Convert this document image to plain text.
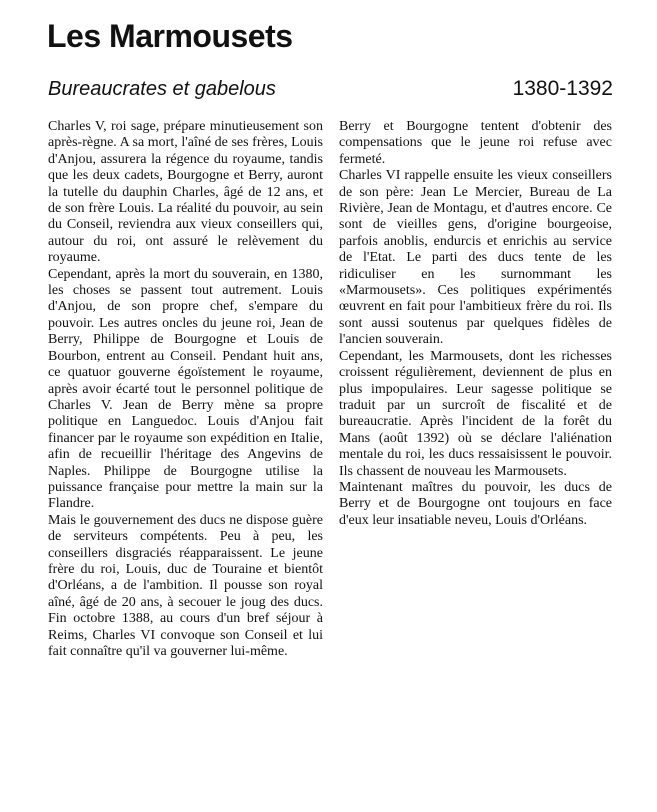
Les Marmousets
Bureaucrates et gabelous	1380-1392

Charles V, roi sage, prépare minutieusement son après-règne. A sa mort, l'aîné de ses frères, Louis d'Anjou, assurera la régence du royaume, tandis que les deux cadets, Bourgogne et Berry, auront la tutelle du dauphin Charles, âgé de 12 ans, et de son frère Louis. La réalité du pouvoir, au sein du Conseil, reviendra aux vieux conseillers qui, autour du roi, ont assuré le relèvement du royaume.

Cependant, après la mort du souverain, en 1380, les choses se passent tout autrement. Louis d'Anjou, de son propre chef, s'empare du pouvoir. Les autres oncles du jeune roi, Jean de Berry, Philippe de Bourgogne et Louis de Bourbon, entrent au Conseil. Pendant huit ans, ce quatuor gouverne égoïstement le royaume, après avoir écarté tout le personnel politique de Charles V. Jean de Berry mène sa propre politique en Languedoc. Louis d'Anjou fait financer par le royaume son expédition en Italie, afin de recueillir l'héritage des Angevins de Naples. Philippe de Bourgogne utilise la puissance française pour mettre la main sur la Flandre.

Mais le gouvernement des ducs ne dispose guère de serviteurs compétents. Peu à peu, les conseillers disgraciés réapparaissent. Le jeune frère du roi, Louis, duc de Touraine et bientôt d'Orléans, a de l'ambition. Il pousse son royal aîné, âgé de 20 ans, à secouer le joug des ducs. Fin octobre 1388, au cours d'un bref séjour à Reims, Charles VI convoque son Conseil et lui fait connaître qu'il va gouverner lui-même.

Berry et Bourgogne tentent d'obtenir des compensations que le jeune roi refuse avec fermeté.

Charles VI rappelle ensuite les vieux conseillers de son père: Jean Le Mercier, Bureau de La Rivière, Jean de Montagu, et d'autres encore. Ce sont de vieilles gens, d'origine bourgeoise, parfois anoblis, endurcis et enrichis au service de l'Etat. Le parti des ducs tente de les ridiculiser en les surnommant les «Marmousets». Ces politiques expérimentés œuvrent en fait pour l'ambitieux frère du roi. Ils sont aussi soutenus par quelques fidèles de l'ancien souverain.

Cependant, les Marmousets, dont les richesses croissent régulièrement, deviennent de plus en plus impopulaires. Leur sagesse politique se traduit par un surcroît de fiscalité et de bureaucratie. Après l'incident de la forêt du Mans (août 1392) où se déclare l'aliénation mentale du roi, les ducs ressaisissent le pouvoir. Ils chassent de nouveau les Marmousets.

Maintenant maîtres du pouvoir, les ducs de Berry et de Bourgogne ont toujours en face d'eux leur insatiable neveu, Louis d'Orléans.
